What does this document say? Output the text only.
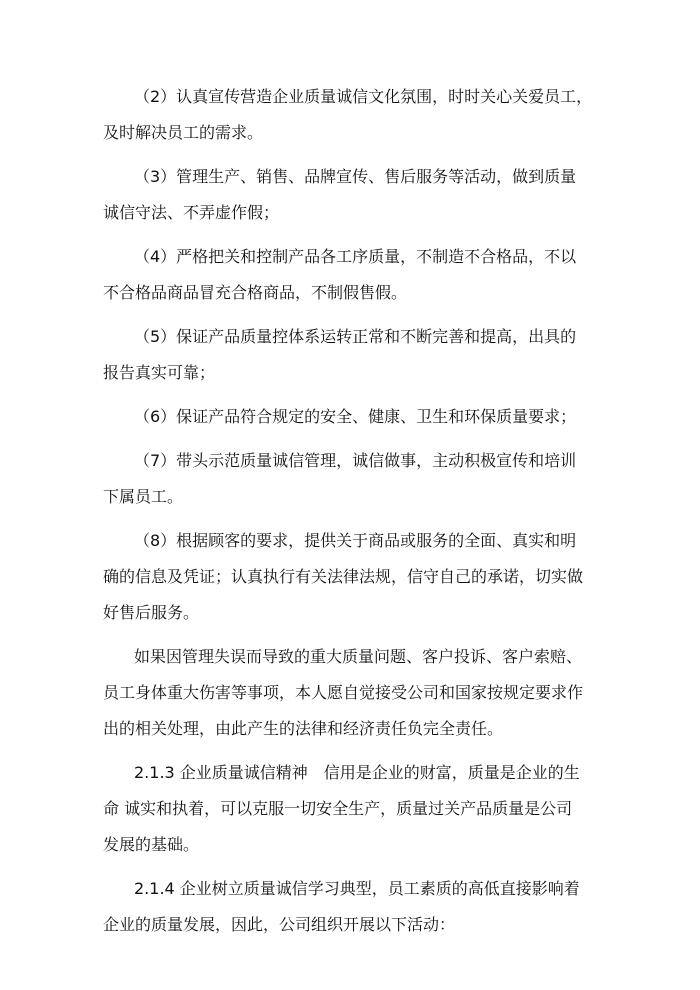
（2）认真宣传营造企业质量诚信文化氛围，时时关心关爱员工，
及时解决员工的需求。
（3）管理生产、销售、品牌宣传、售后服务等活动，做到质量
诚信守法、不弄虚作假；
（4）严格把关和控制产品各工序质量，不制造不合格品，不以
不合格品商品冒充合格商品，不制假售假。
（5）保证产品质量控体系运转正常和不断完善和提高，出具的
报告真实可靠；
（6）保证产品符合规定的安全、健康、卫生和环保质量要求；
（7）带头示范质量诚信管理，诚信做事，主动积极宣传和培训
下属员工。
（8）根据顾客的要求，提供关于商品或服务的全面、真实和明
确的信息及凭证；认真执行有关法律法规，信守自己的承诺，切实做
好售后服务。
如果因管理失误而导致的重大质量问题、客户投诉、客户索赔、
员工身体重大伤害等事项，本人愿自觉接受公司和国家按规定要求作
出的相关处理，由此产生的法律和经济责任负完全责任。
2.1.3 企业质量诚信精神　信用是企业的财富，质量是企业的生
命 诚实和执着，可以克服一切安全生产，质量过关产品质量是公司
发展的基础。
2.1.4 企业树立质量诚信学习典型，员工素质的高低直接影响着
企业的质量发展，因此，公司组织开展以下活动：
